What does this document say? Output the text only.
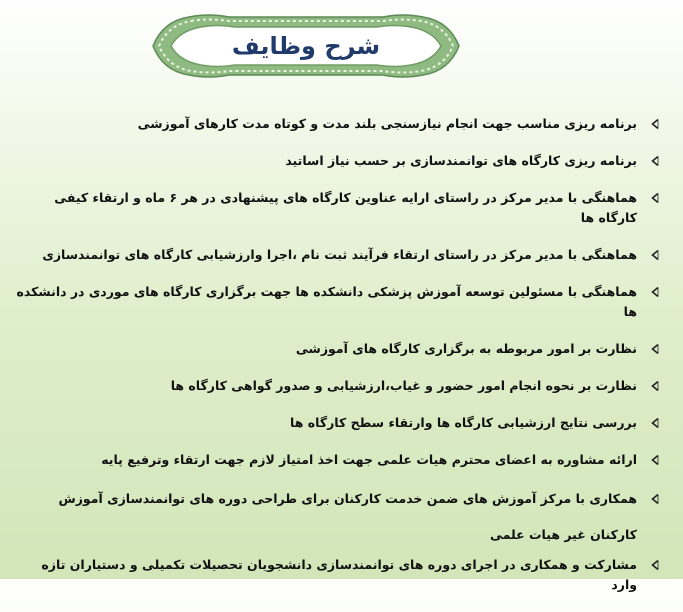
شرح وظایف
برنامه ریزی مناسب جهت انجام نیازسنجی بلند مدت و کوتاه مدت کارهای آموزشی
برنامه ریزی کارگاه های توانمندسازی بر حسب نیاز اساتید
هماهنگی با مدیر مرکز در راستای ارایه عناوین کارگاه های پیشنهادی در هر ۶ ماه و ارتقاء کیفی کارگاه ها
هماهنگی با مدیر مرکز در راستای ارتقاء فرآیند ثبت نام ،اجرا وارزشیابی کارگاه های توانمندسازی
هماهنگی با مسئولین توسعه آموزش پزشکی دانشکده ها جهت برگزاری کارگاه های موردی در دانشکده ها
نظارت بر امور مربوطه به برگزاری کارگاه های آموزشی
نظارت بر نحوه انجام امور حضور و غیاب،ارزشیابی و صدور گواهی کارگاه ها
بررسی نتایج ارزشیابی کارگاه ها وارتقاء سطح کارگاه ها
ارائه مشاوره به اعضای محترم هیات علمی جهت اخذ امتیاز لازم جهت ارتقاء وترفیع پایه
همکاری با مرکز آموزش های ضمن خدمت کارکنان برای طراحی دوره های توانمندسازی آموزش کارکنان غیر هیات علمی
مشارکت و همکاری در اجرای دوره های توانمندسازی دانشجویان تحصیلات تکمیلی و دستیاران تازه وارد
